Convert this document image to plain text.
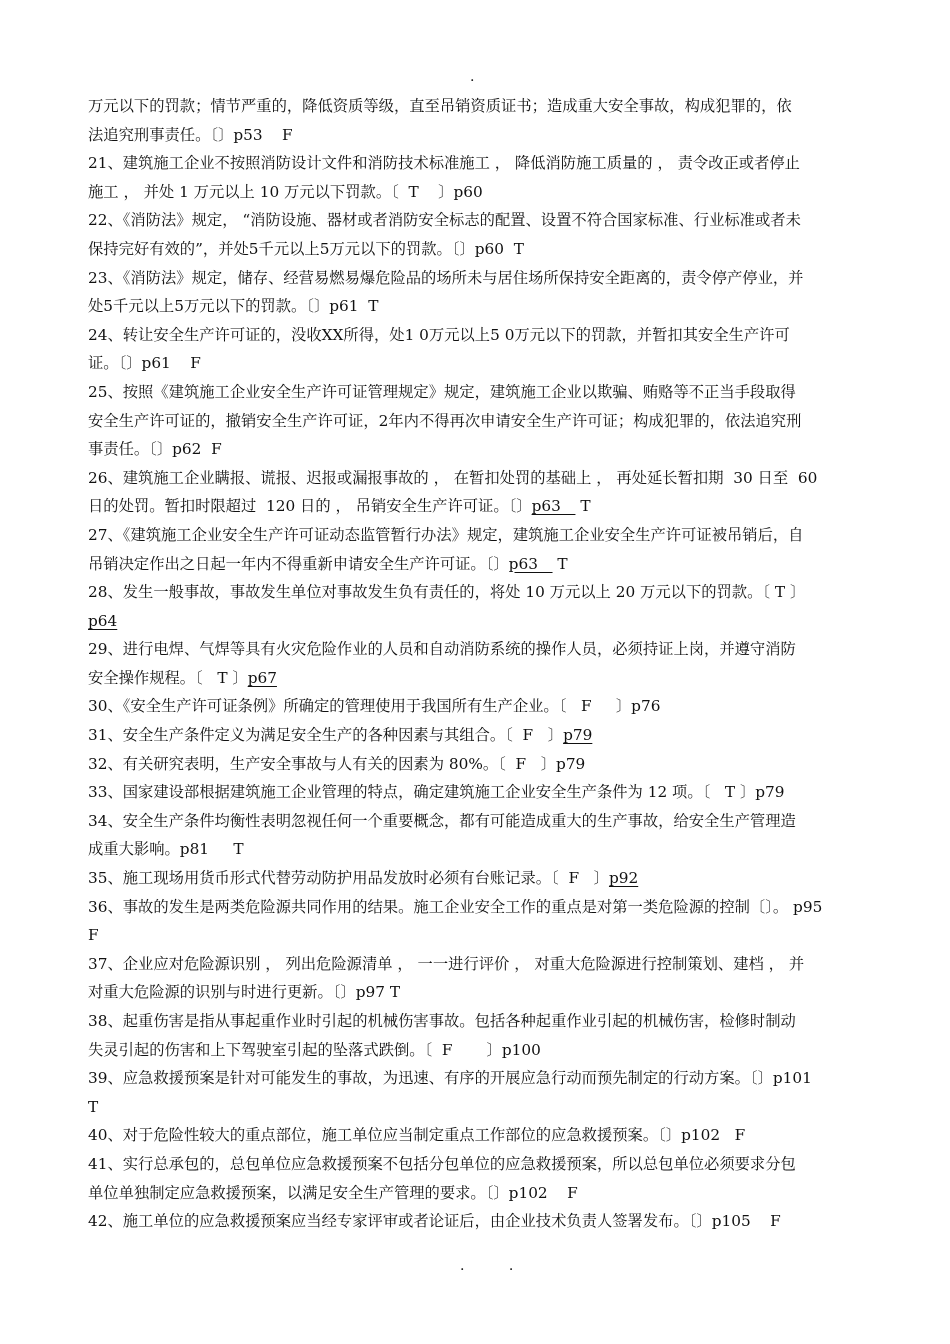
.
万元以下的罚款；情节严重的，降低资质等级，直至吊销资质证书；造成重大安全事故，构成犯罪的，依
法追究刑事责任。〔〕p53    F
21、建筑施工企业不按照消防设计文件和消防技术标准施工 ， 降低消防施工质量的 ， 责令改正或者停止
施工 ， 并处 1 万元以上 10 万元以下罚款。〔  T    〕p60
22、《消防法》规定， “消防设施、器材或者消防安全标志的配置、设置不符合国家标准、行业标准或者未
保持完好有效的”，并处5千元以上5万元以下的罚款。〔〕p60  T
23、《消防法》规定，储存、经营易燃易爆危险品的场所未与居住场所保持安全距离的，责令停产停业，并
处5千元以上5万元以下的罚款。〔〕p61  T
24、转让安全生产许可证的，没收XX所得，处1 0万元以上5 0万元以下的罚款，并暂扣其安全生产许可
证。〔〕p61    F
25、按照《建筑施工企业安全生产许可证管理规定》规定，建筑施工企业以欺骗、贿赂等不正当手段取得
安全生产许可证的，撤销安全生产许可证，2年内不得再次申请安全生产许可证；构成犯罪的，依法追究刑
事责任。〔〕p62  F
26、建筑施工企业瞒报、谎报、迟报或漏报事故的 ， 在暂扣处罚的基础上 ， 再处延长暂扣期  30 日至  60
日的处罚。暂扣时限超过  120 日的 ， 吊销安全生产许可证。〔〕p63    T
27、《建筑施工企业安全生产许可证动态监管暂行办法》规定，建筑施工企业安全生产许可证被吊销后，自
吊销决定作出之日起一年内不得重新申请安全生产许可证。〔〕p63    T
28、发生一般事故，事故发生单位对事故发生负有责任的，将处 10 万元以上 20 万元以下的罚款。〔 T 〕
p64
29、进行电焊、气焊等具有火灾危险作业的人员和自动消防系统的操作人员，必须持证上岗，并遵守消防
安全操作规程。〔   T 〕p67
30、《安全生产许可证条例》所确定的管理使用于我国所有生产企业。〔   F     〕p76
31、安全生产条件定义为满足安全生产的各种因素与其组合。〔  F   〕p79
32、有关研究表明，生产安全事故与人有关的因素为 80%。〔  F   〕p79
33、国家建设部根据建筑施工企业管理的特点，确定建筑施工企业安全生产条件为 12 项。〔   T 〕p79
34、安全生产条件均衡性表明忽视任何一个重要概念，都有可能造成重大的生产事故，给安全生产管理造
成重大影响。p81     T
35、施工现场用货币形式代替劳动防护用品发放时必须有台账记录。〔  F   〕p92
36、事故的发生是两类危险源共同作用的结果。施工企业安全工作的重点是对第一类危险源的控制〔〕。 p95
F
37、企业应对危险源识别 ， 列出危险源清单 ， 一一进行评价 ， 对重大危险源进行控制策划、建档 ， 并
对重大危险源的识别与时进行更新。〔〕p97 T
38、起重伤害是指从事起重作业时引起的机械伤害事故。包括各种起重作业引起的机械伤害，检修时制动
失灵引起的伤害和上下驾驶室引起的坠落式跌倒。〔  F       〕p100
39、应急救援预案是针对可能发生的事故，为迅速、有序的开展应急行动而预先制定的行动方案。〔〕p101
T
40、对于危险性较大的重点部位，施工单位应当制定重点工作部位的应急救援预案。〔〕p102   F
41、实行总承包的，总包单位应急救援预案不包括分包单位的应急救援预案，所以总包单位必须要求分包
单位单独制定应急救援预案，以满足安全生产管理的要求。〔〕p102    F
42、施工单位的应急救援预案应当经专家评审或者论证后，由企业技术负责人签署发布。〔〕p105    F
. .
